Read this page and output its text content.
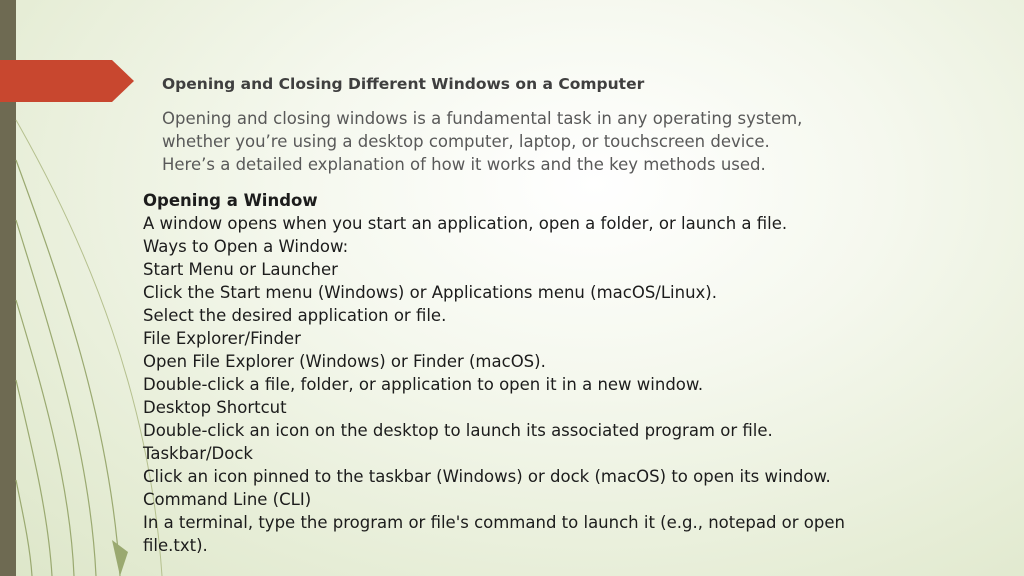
Opening and Closing Different Windows on a Computer
Opening and closing windows is a fundamental task in any operating system,
whether you’re using a desktop computer, laptop, or touchscreen device.
Here’s a detailed explanation of how it works and the key methods used.
Opening a Window
A window opens when you start an application, open a folder, or launch a file.
Ways to Open a Window:
Start Menu or Launcher
Click the Start menu (Windows) or Applications menu (macOS/Linux).
Select the desired application or file.
File Explorer/Finder
Open File Explorer (Windows) or Finder (macOS).
Double-click a file, folder, or application to open it in a new window.
Desktop Shortcut
Double-click an icon on the desktop to launch its associated program or file.
Taskbar/Dock
Click an icon pinned to the taskbar (Windows) or dock (macOS) to open its window.
Command Line (CLI)
In a terminal, type the program or file's command to launch it (e.g., notepad or open
file.txt).
